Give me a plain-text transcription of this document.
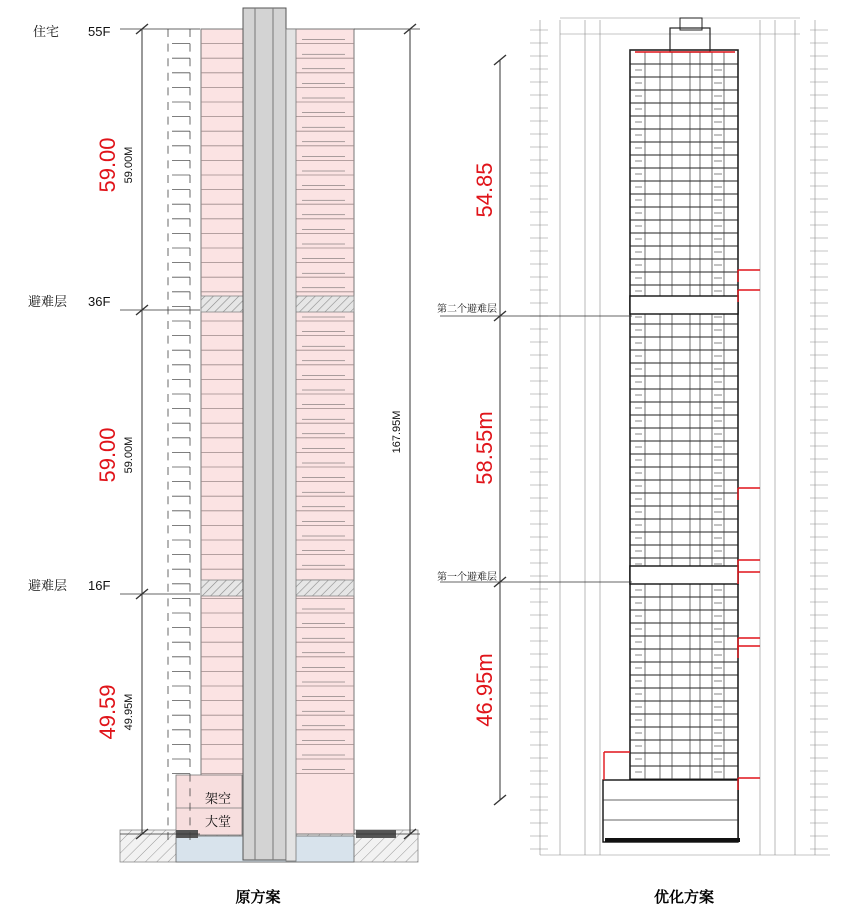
住宅 55F
避难层 36F
避难层 16F
架空
大堂
59.00 59.00M
59.00 59.00M
49.59 49.95M
167.95M
原方案
第二个避难层
第一个避难层
54.85
58.55m
46.95m
优化方案
